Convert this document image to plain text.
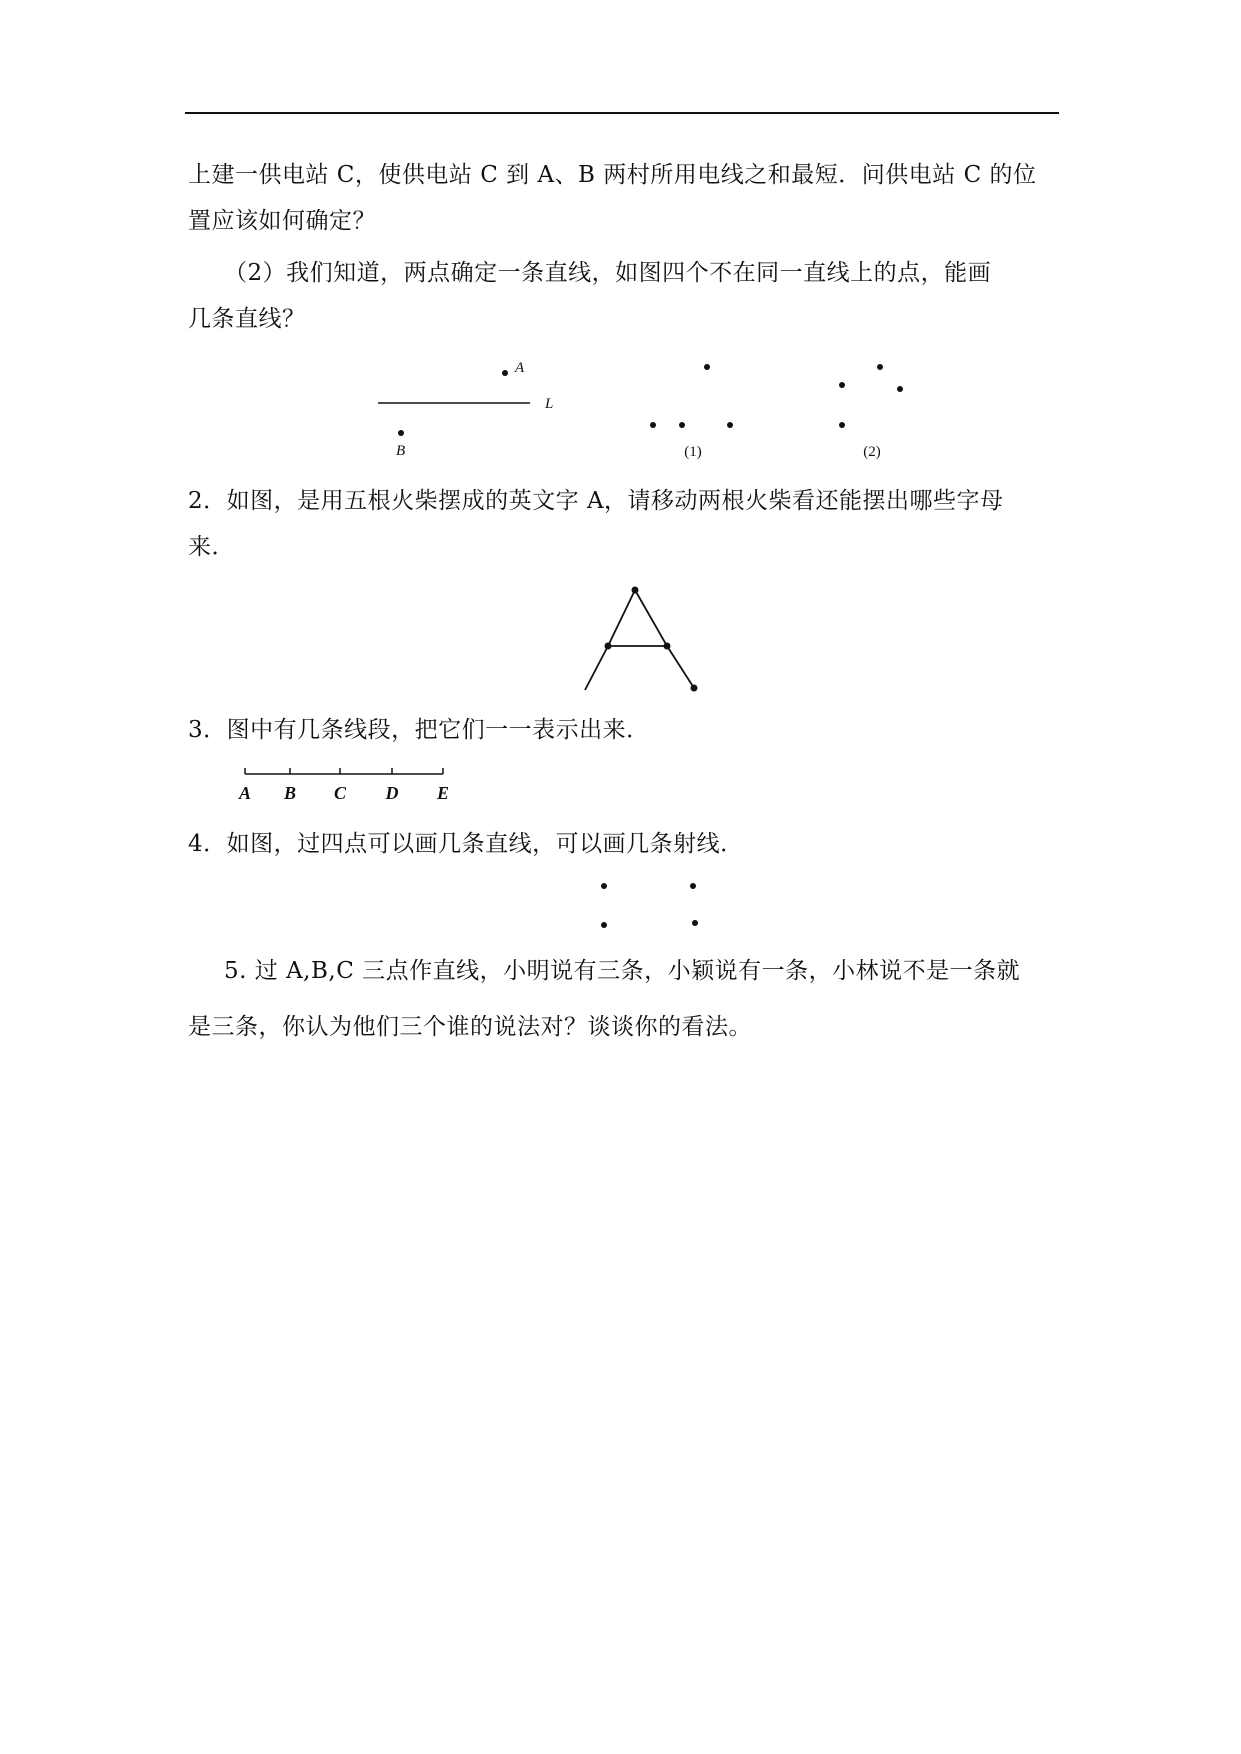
上建一供电站 C，使供电站 C 到 A、B 两村所用电线之和最短．问供电站 C 的位
置应该如何确定？
（2）我们知道，两点确定一条直线，如图四个不在同一直线上的点，能画
几条直线？
A
L
B	(1)	(2)
2．如图，是用五根火柴摆成的英文字 A，请移动两根火柴看还能摆出哪些字母
来．
3．图中有几条线段，把它们一一表示出来．
A B C D E
4．如图，过四点可以画几条直线，可以画几条射线．
5. 过 A,B,C 三点作直线，小明说有三条，小颖说有一条，小林说不是一条就
是三条，你认为他们三个谁的说法对？谈谈你的看法。
